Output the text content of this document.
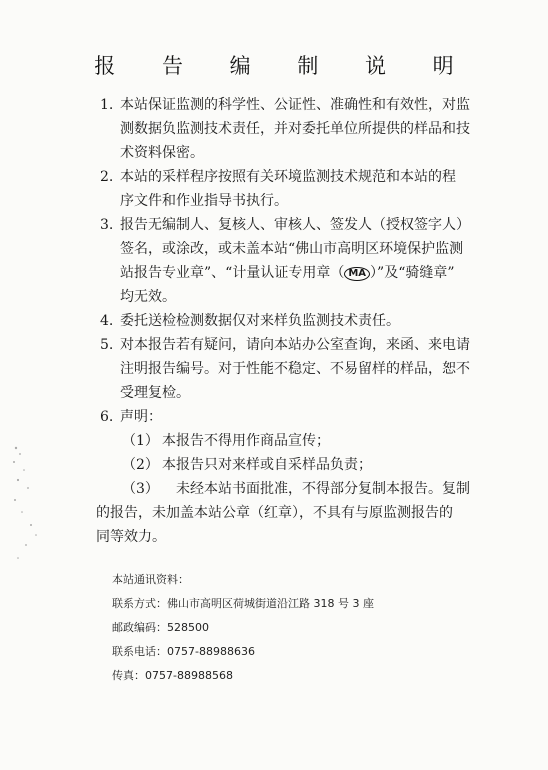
报 告 编 制 说 明
1. 本站保证监测的科学性、公证性、准确性和有效性，对监
测数据负监测技术责任，并对委托单位所提供的样品和技
术资料保密。
2. 本站的采样程序按照有关环境监测技术规范和本站的程
序文件和作业指导书执行。
3. 报告无编制人、复核人、审核人、签发人（授权签字人）
签名，或涂改，或未盖本站“佛山市高明区环境保护监测
站报告专业章”、“计量认证专用章（ MA ）”及“骑缝章”
均无效。
4. 委托送检检测数据仅对来样负监测技术责任。
5. 对本报告若有疑问，请向本站办公室查询，来函、来电请
注明报告编号。对于性能不稳定、不易留样的样品，恕不
受理复检。
6. 声明：
（1） 本报告不得用作商品宣传；
（2） 本报告只对来样或自采样品负责；
（3） 未经本站书面批准，不得部分复制本报告。复制
的报告，未加盖本站公章（红章），不具有与原监测报告的
同等效力。
本站通讯资料：
联系方式：佛山市高明区荷城街道沿江路 318 号 3 座
邮政编码：528500
联系电话：0757-88988636
传真：0757-88988568
